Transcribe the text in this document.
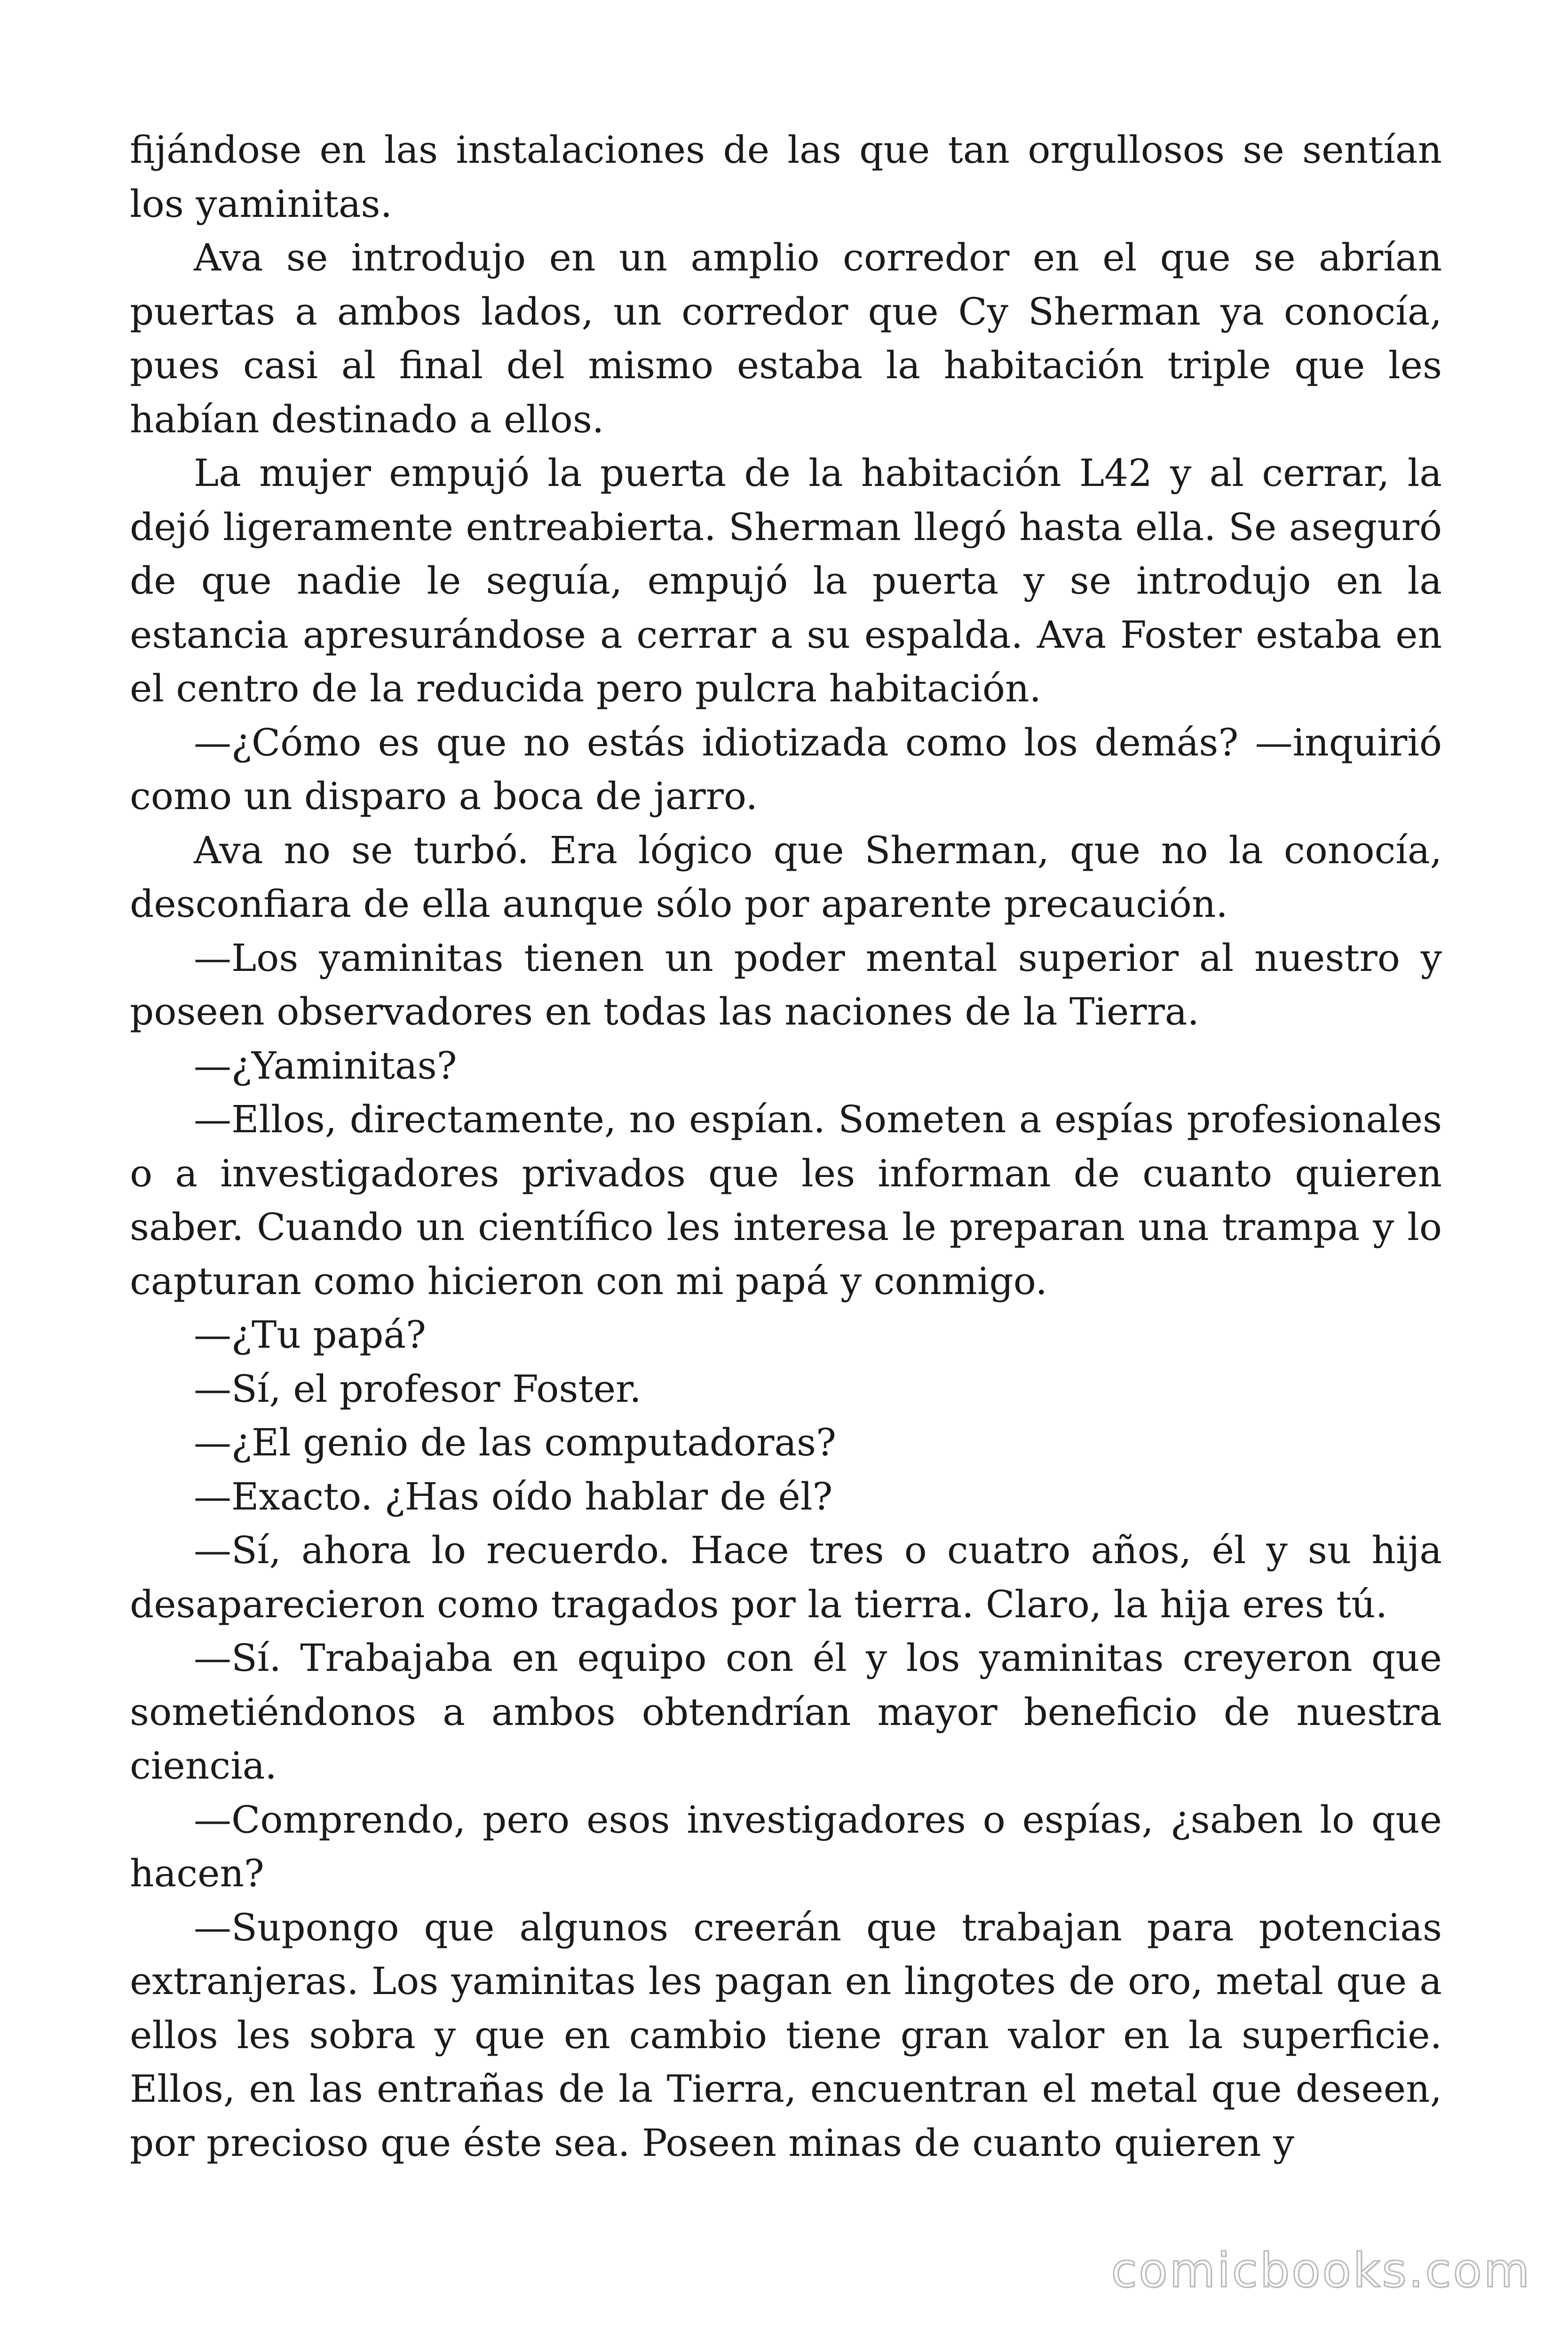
fijándose en las instalaciones de las que tan orgullosos se sentían los yaminitas.

Ava se introdujo en un amplio corredor en el que se abrían puertas a ambos lados, un corredor que Cy Sherman ya conocía, pues casi al final del mismo estaba la habitación triple que les habían destinado a ellos.

La mujer empujó la puerta de la habitación L42 y al cerrar, la dejó ligeramente entreabierta. Sherman llegó hasta ella. Se aseguró de que nadie le seguía, empujó la puerta y se introdujo en la estancia apresurándose a cerrar a su espalda. Ava Foster estaba en el centro de la reducida pero pulcra habitación.

—¿Cómo es que no estás idiotizada como los demás? —inquirió como un disparo a boca de jarro.

Ava no se turbó. Era lógico que Sherman, que no la conocía, desconfiara de ella aunque sólo por aparente precaución.

—Los yaminitas tienen un poder mental superior al nuestro y poseen observadores en todas las naciones de la Tierra.

—¿Yaminitas?

—Ellos, directamente, no espían. Someten a espías profesionales o a investigadores privados que les informan de cuanto quieren saber. Cuando un científico les interesa le preparan una trampa y lo capturan como hicieron con mi papá y conmigo.

—¿Tu papá?

—Sí, el profesor Foster.

—¿El genio de las computadoras?

—Exacto. ¿Has oído hablar de él?

—Sí, ahora lo recuerdo. Hace tres o cuatro años, él y su hija desaparecieron como tragados por la tierra. Claro, la hija eres tú.

—Sí. Trabajaba en equipo con él y los yaminitas creyeron que sometiéndonos a ambos obtendrían mayor beneficio de nuestra ciencia.

—Comprendo, pero esos investigadores o espías, ¿saben lo que hacen?

—Supongo que algunos creerán que trabajan para potencias extranjeras. Los yaminitas les pagan en lingotes de oro, metal que a ellos les sobra y que en cambio tiene gran valor en la superficie. Ellos, en las entrañas de la Tierra, encuentran el metal que deseen, por precioso que éste sea. Poseen minas de cuanto quieren y

comicbooks.com
